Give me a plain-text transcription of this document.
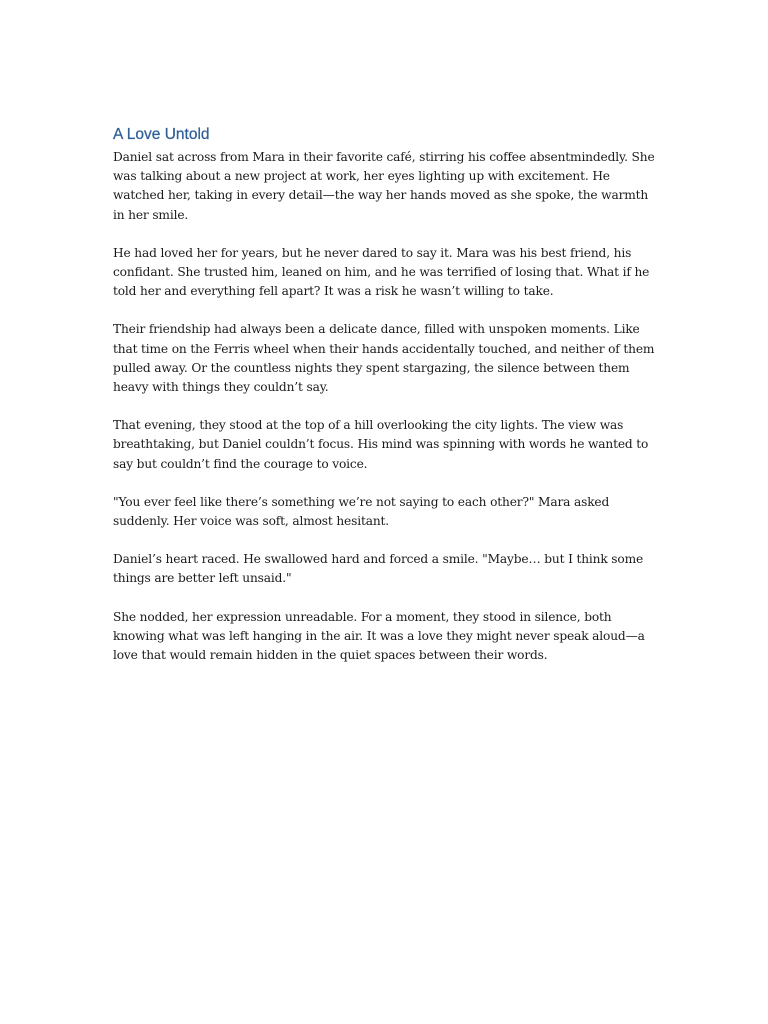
A Love Untold

Daniel sat across from Mara in their favorite café, stirring his coffee absentmindedly. She was talking about a new project at work, her eyes lighting up with excitement. He watched her, taking in every detail—the way her hands moved as she spoke, the warmth in her smile.

He had loved her for years, but he never dared to say it. Mara was his best friend, his confidant. She trusted him, leaned on him, and he was terrified of losing that. What if he told her and everything fell apart? It was a risk he wasn’t willing to take.

Their friendship had always been a delicate dance, filled with unspoken moments. Like that time on the Ferris wheel when their hands accidentally touched, and neither of them pulled away. Or the countless nights they spent stargazing, the silence between them heavy with things they couldn’t say.

That evening, they stood at the top of a hill overlooking the city lights. The view was breathtaking, but Daniel couldn’t focus. His mind was spinning with words he wanted to say but couldn’t find the courage to voice.

"You ever feel like there’s something we’re not saying to each other?" Mara asked suddenly. Her voice was soft, almost hesitant.

Daniel’s heart raced. He swallowed hard and forced a smile. "Maybe… but I think some things are better left unsaid."

She nodded, her expression unreadable. For a moment, they stood in silence, both knowing what was left hanging in the air. It was a love they might never speak aloud—a love that would remain hidden in the quiet spaces between their words.
